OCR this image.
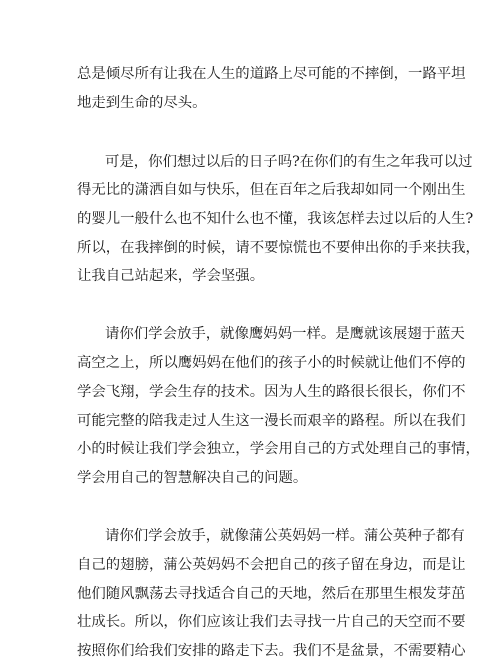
总是倾尽所有让我在人生的道路上尽可能的不摔倒，一路平坦
地走到生命的尽头。
可是，你们想过以后的日子吗?在你们的有生之年我可以过
得无比的潇洒自如与快乐，但在百年之后我却如同一个刚出生
的婴儿一般什么也不知什么也不懂，我该怎样去过以后的人生?
所以，在我摔倒的时候，请不要惊慌也不要伸出你的手来扶我，
让我自己站起来，学会坚强。
请你们学会放手，就像鹰妈妈一样。是鹰就该展翅于蓝天
高空之上，所以鹰妈妈在他们的孩子小的时候就让他们不停的
学会飞翔，学会生存的技术。因为人生的路很长很长，你们不
可能完整的陪我走过人生这一漫长而艰辛的路程。所以在我们
小的时候让我们学会独立，学会用自己的方式处理自己的事情，
学会用自己的智慧解决自己的问题。
请你们学会放手，就像蒲公英妈妈一样。蒲公英种子都有
自己的翅膀，蒲公英妈妈不会把自己的孩子留在身边，而是让
他们随风飘荡去寻找适合自己的天地，然后在那里生根发芽茁
壮成长。所以，你们应该让我们去寻找一片自己的天空而不要
按照你们给我们安排的路走下去。我们不是盆景，不需要精心
